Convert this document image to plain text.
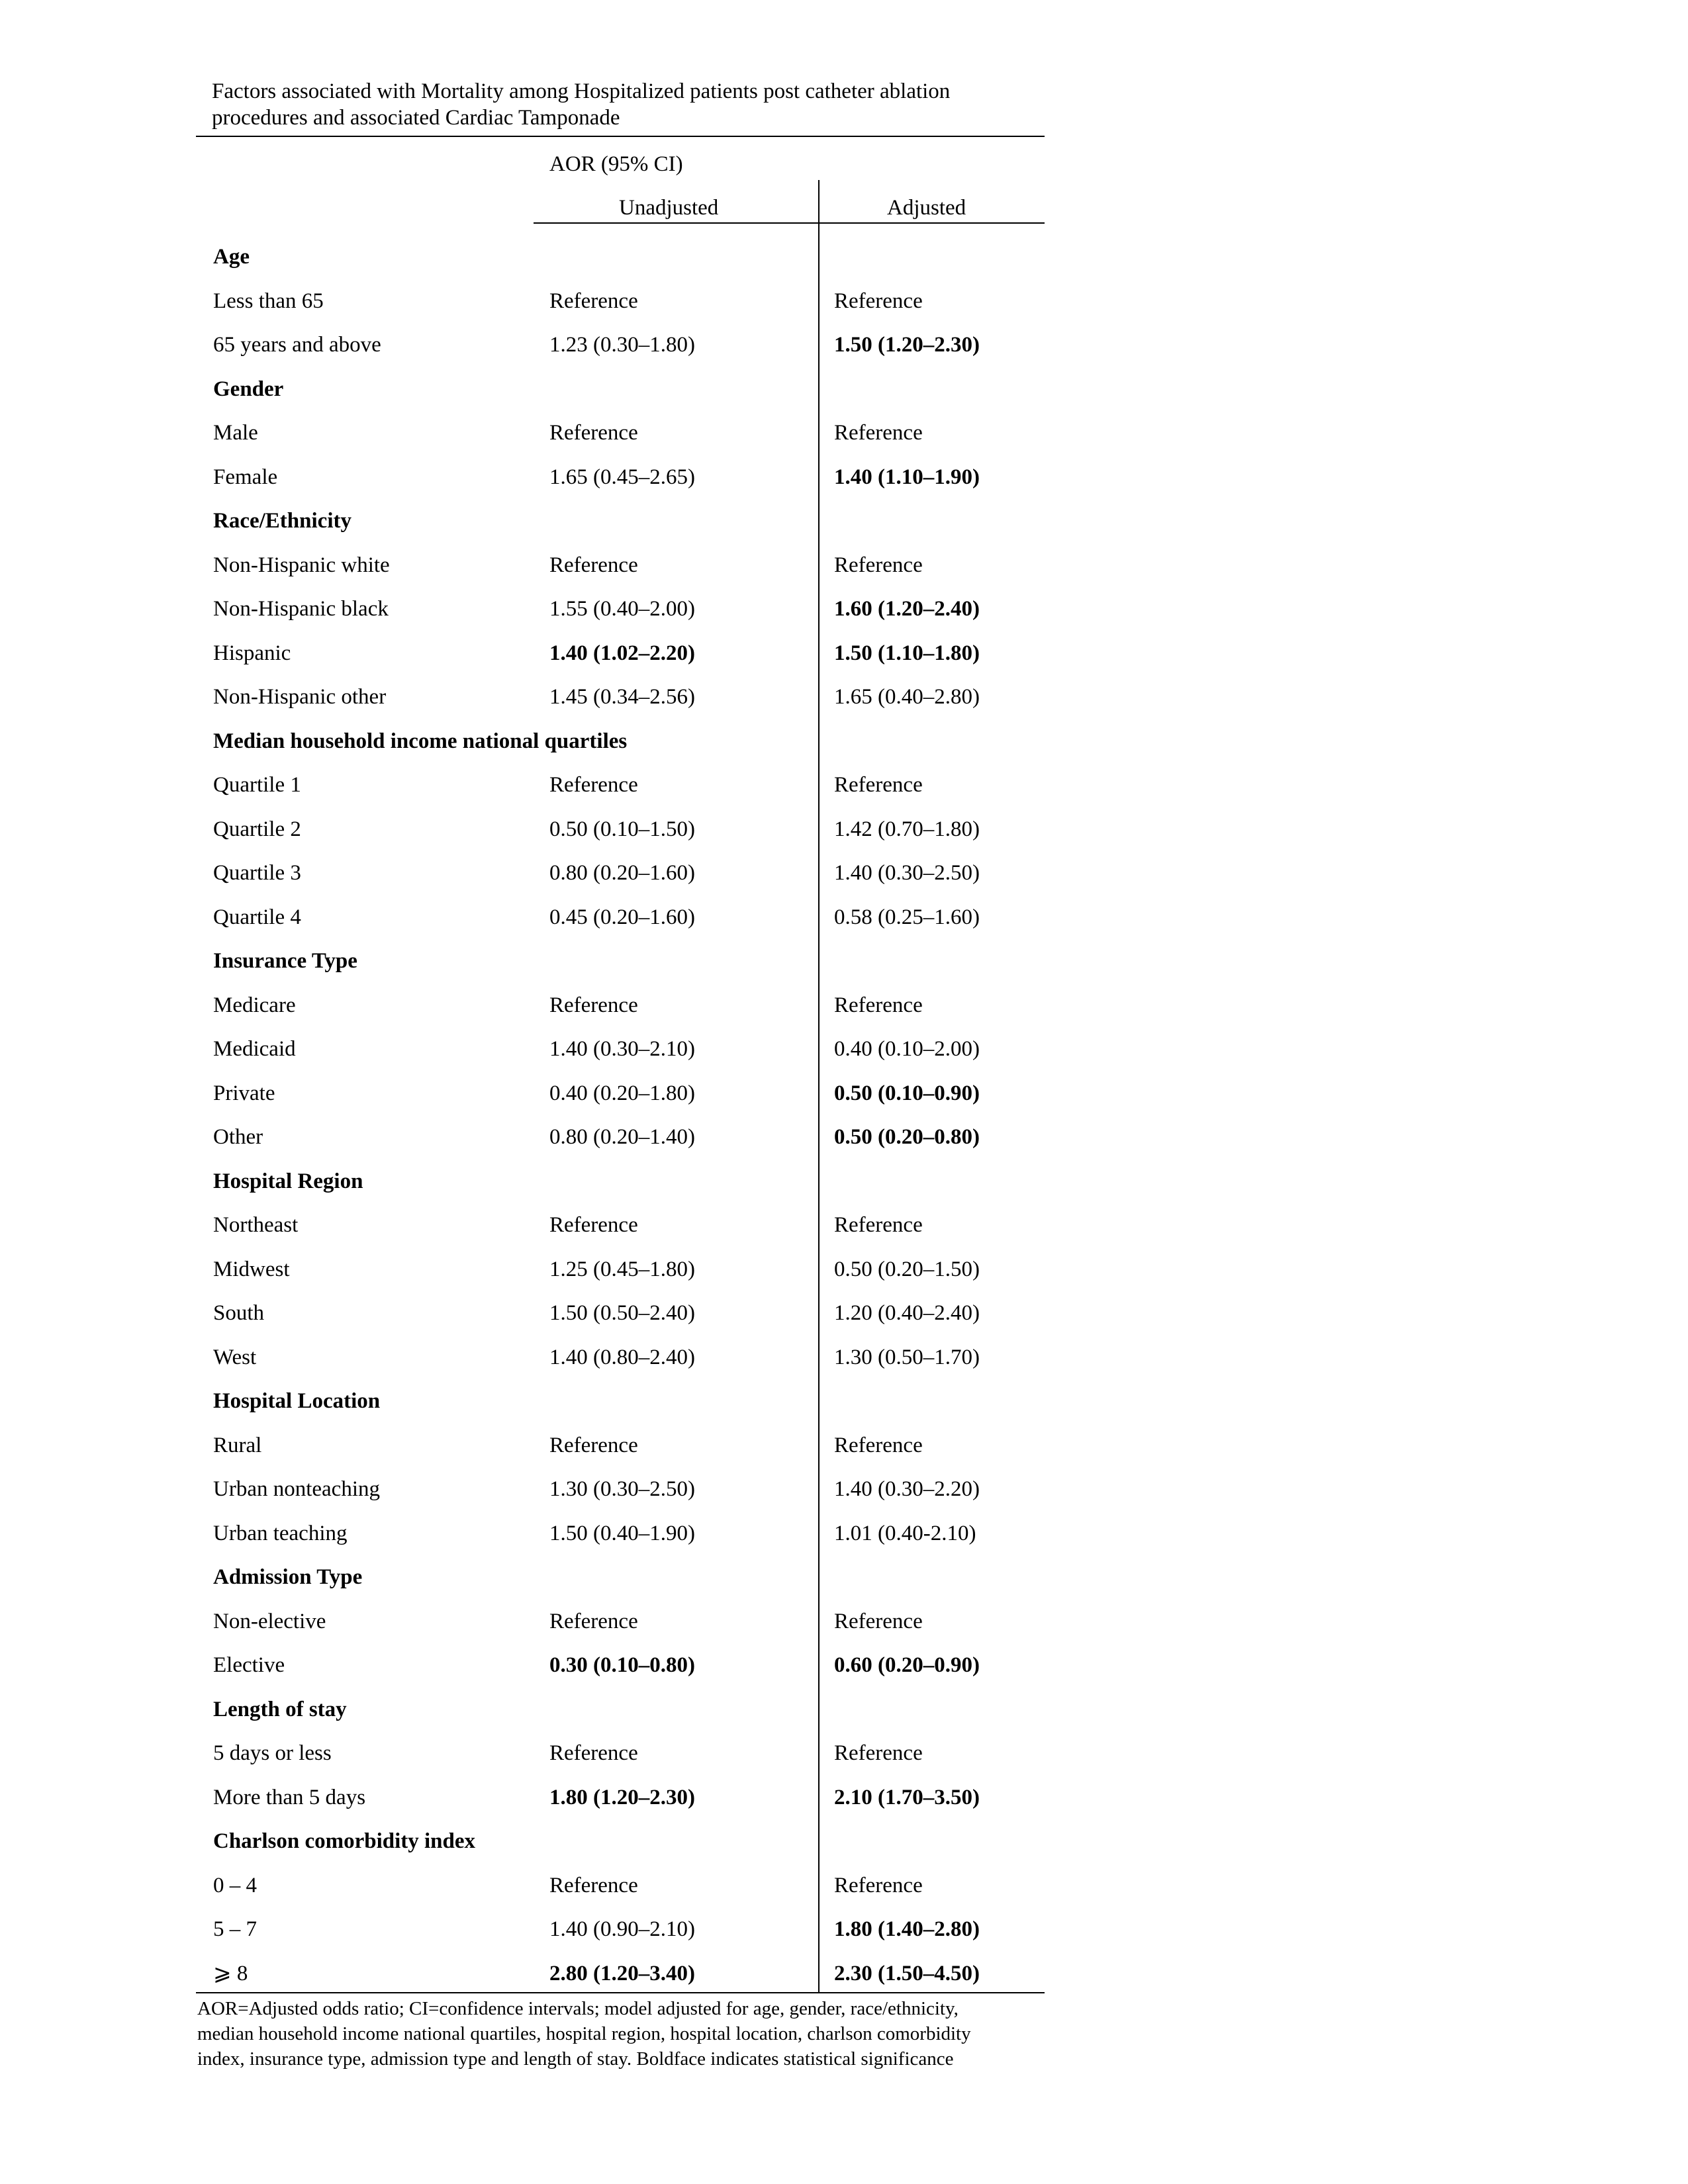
Factors associated with Mortality among Hospitalized patients post catheter ablation procedures and associated Cardiac Tamponade
AOR (95% CI)
Unadjusted	Adjusted
Age
Less than 65	Reference	Reference
65 years and above	1.23 (0.30–1.80)	1.50 (1.20–2.30)
Gender
Male	Reference	Reference
Female	1.65 (0.45–2.65)	1.40 (1.10–1.90)
Race/Ethnicity
Non-Hispanic white	Reference	Reference
Non-Hispanic black	1.55 (0.40–2.00)	1.60 (1.20–2.40)
Hispanic	1.40 (1.02–2.20)	1.50 (1.10–1.80)
Non-Hispanic other	1.45 (0.34–2.56)	1.65 (0.40–2.80)
Median household income national quartiles
Quartile 1	Reference	Reference
Quartile 2	0.50 (0.10–1.50)	1.42 (0.70–1.80)
Quartile 3	0.80 (0.20–1.60)	1.40 (0.30–2.50)
Quartile 4	0.45 (0.20–1.60)	0.58 (0.25–1.60)
Insurance Type
Medicare	Reference	Reference
Medicaid	1.40 (0.30–2.10)	0.40 (0.10–2.00)
Private	0.40 (0.20–1.80)	0.50 (0.10–0.90)
Other	0.80 (0.20–1.40)	0.50 (0.20–0.80)
Hospital Region
Northeast	Reference	Reference
Midwest	1.25 (0.45–1.80)	0.50 (0.20–1.50)
South	1.50 (0.50–2.40)	1.20 (0.40–2.40)
West	1.40 (0.80–2.40)	1.30 (0.50–1.70)
Hospital Location
Rural	Reference	Reference
Urban nonteaching	1.30 (0.30–2.50)	1.40 (0.30–2.20)
Urban teaching	1.50 (0.40–1.90)	1.01 (0.40-2.10)
Admission Type
Non-elective	Reference	Reference
Elective	0.30 (0.10–0.80)	0.60 (0.20–0.90)
Length of stay
5 days or less	Reference	Reference
More than 5 days	1.80 (1.20–2.30)	2.10 (1.70–3.50)
Charlson comorbidity index
0 – 4	Reference	Reference
5 – 7	1.40 (0.90–2.10)	1.80 (1.40–2.80)
⩾ 8	2.80 (1.20–3.40)	2.30 (1.50–4.50)
AOR=Adjusted odds ratio; CI=confidence intervals; model adjusted for age, gender, race/ethnicity,
median household income national quartiles, hospital region, hospital location, charlson comorbidity
index, insurance type, admission type and length of stay. Boldface indicates statistical significance
